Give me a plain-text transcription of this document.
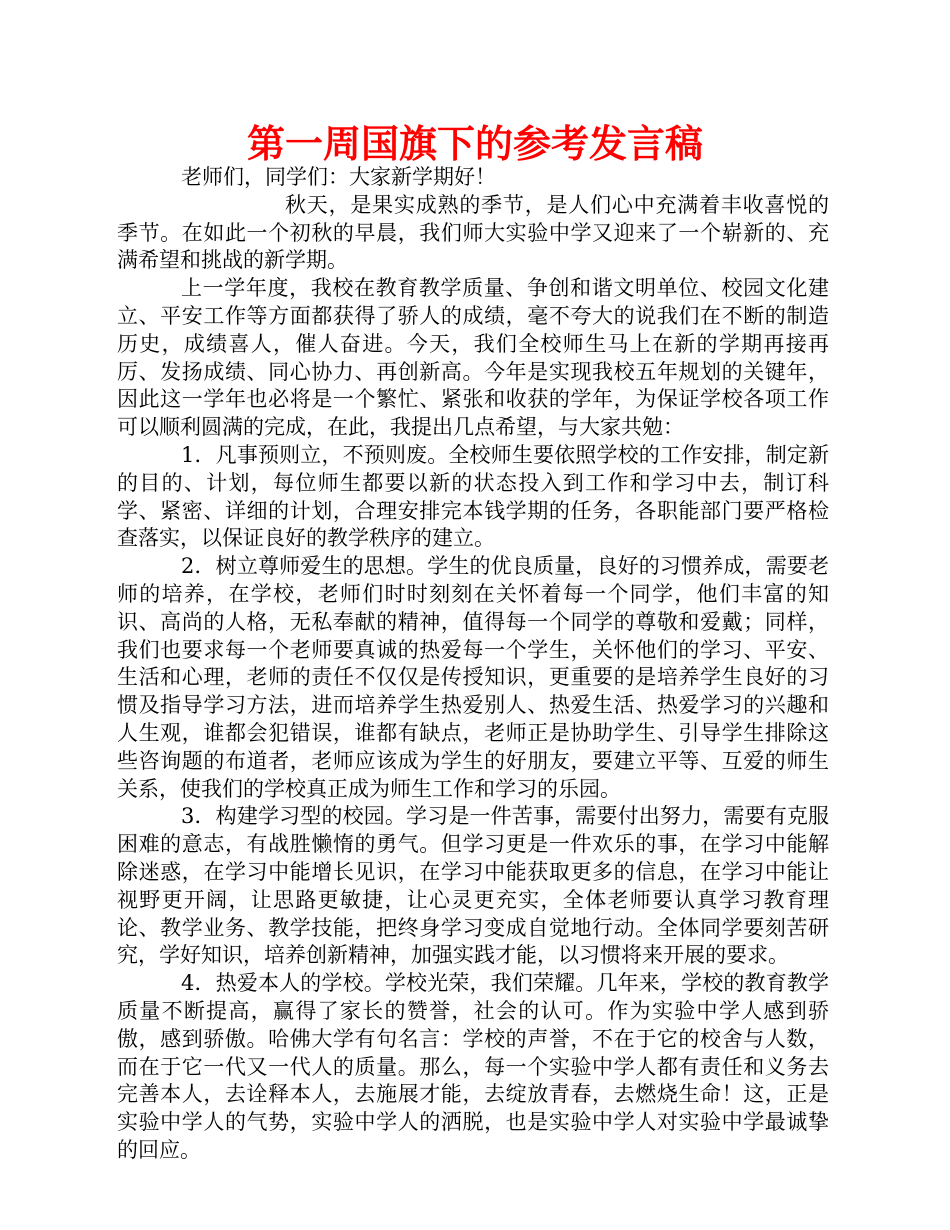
第一周国旗下的参考发言稿

老师们，同学们：大家新学期好！

秋天，是果实成熟的季节，是人们心中充满着丰收喜悦的季节。在如此一个初秋的早晨，我们师大实验中学又迎来了一个崭新的、充满希望和挑战的新学期。

上一学年度，我校在教育教学质量、争创和谐文明单位、校园文化建立、平安工作等方面都获得了骄人的成绩，毫不夸大的说我们在不断的制造历史，成绩喜人，催人奋进。今天，我们全校师生马上在新的学期再接再厉、发扬成绩、同心协力、再创新高。今年是实现我校五年规划的关键年，因此这一学年也必将是一个繁忙、紧张和收获的学年，为保证学校各项工作可以顺利圆满的完成，在此，我提出几点希望，与大家共勉：

1．凡事预则立，不预则废。全校师生要依照学校的工作安排，制定新的目的、计划，每位师生都要以新的状态投入到工作和学习中去，制订科学、紧密、详细的计划，合理安排完本钱学期的任务，各职能部门要严格检查落实，以保证良好的教学秩序的建立。

2．树立尊师爱生的思想。学生的优良质量，良好的习惯养成，需要老师的培养，在学校，老师们时时刻刻在关怀着每一个同学，他们丰富的知识、高尚的人格，无私奉献的精神，值得每一个同学的尊敬和爱戴；同样，我们也要求每一个老师要真诚的热爱每一个学生，关怀他们的学习、平安、生活和心理，老师的责任不仅仅是传授知识，更重要的是培养学生良好的习惯及指导学习方法，进而培养学生热爱别人、热爱生活、热爱学习的兴趣和人生观，谁都会犯错误，谁都有缺点，老师正是协助学生、引导学生排除这些咨询题的布道者，老师应该成为学生的好朋友，要建立平等、互爱的师生关系，使我们的学校真正成为师生工作和学习的乐园。

3．构建学习型的校园。学习是一件苦事，需要付出努力，需要有克服困难的意志，有战胜懒惰的勇气。但学习更是一件欢乐的事，在学习中能解除迷惑，在学习中能增长见识，在学习中能获取更多的信息，在学习中能让视野更开阔，让思路更敏捷，让心灵更充实，全体老师要认真学习教育理论、教学业务、教学技能，把终身学习变成自觉地行动。全体同学要刻苦研究，学好知识，培养创新精神，加强实践才能，以习惯将来开展的要求。

4．热爱本人的学校。学校光荣，我们荣耀。几年来，学校的教育教学质量不断提高，赢得了家长的赞誉，社会的认可。作为实验中学人感到骄傲，感到骄傲。哈佛大学有句名言：学校的声誉，不在于它的校舍与人数，而在于它一代又一代人的质量。那么，每一个实验中学人都有责任和义务去完善本人，去诠释本人，去施展才能，去绽放青春，去燃烧生命！这，正是实验中学人的气势，实验中学人的洒脱，也是实验中学人对实验中学最诚挚的回应。
